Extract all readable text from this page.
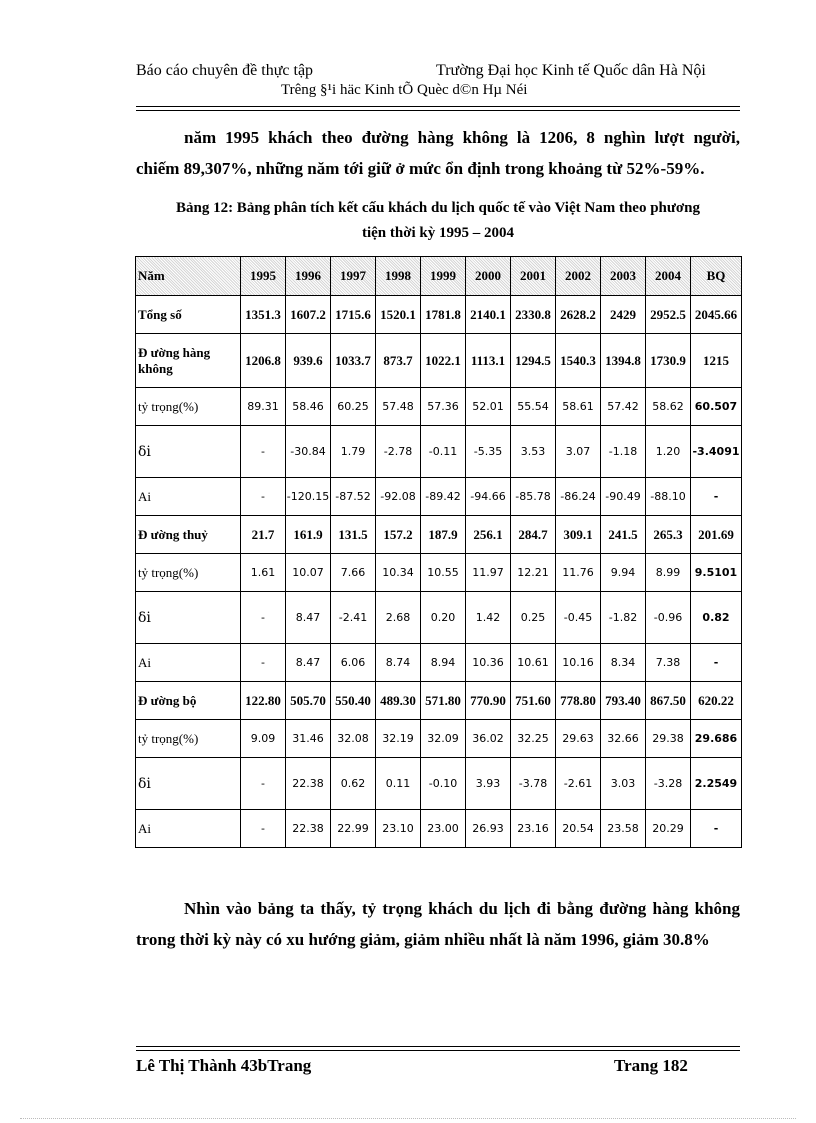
Báo cáo chuyên đề thực tập	Trường Đại học Kinh tế Quốc dân Hà Nội
Trêng §¹i häc Kinh tÕ Quèc d©n Hµ Néi
năm 1995 khách theo đường hàng không là 1206, 8 nghìn lượt người,
chiếm 89,307%, những năm tới giữ ở mức ổn định trong khoảng từ 52%-59%.
Bảng 12: Bảng phân tích kết cấu khách du lịch quốc tế vào Việt Nam theo phương
tiện thời kỳ 1995 – 2004
Năm	1995	1996	1997	1998	1999	2000	2001	2002	2003	2004	BQ
Tổng số	1351.3	1607.2	1715.6	1520.1	1781.8	2140.1	2330.8	2628.2	2429	2952.5	2045.66
Đ ường hàng không	1206.8	939.6	1033.7	873.7	1022.1	1113.1	1294.5	1540.3	1394.8	1730.9	1215
tỷ trọng(%)	89.31	58.46	60.25	57.48	57.36	52.01	55.54	58.61	57.42	58.62	60.507
δi	-	-30.84	1.79	-2.78	-0.11	-5.35	3.53	3.07	-1.18	1.20	-3.4091
Ai	-	-120.15	-87.52	-92.08	-89.42	-94.66	-85.78	-86.24	-90.49	-88.10	-
Đ ường thuỷ	21.7	161.9	131.5	157.2	187.9	256.1	284.7	309.1	241.5	265.3	201.69
tỷ trọng(%)	1.61	10.07	7.66	10.34	10.55	11.97	12.21	11.76	9.94	8.99	9.5101
δi	-	8.47	-2.41	2.68	0.20	1.42	0.25	-0.45	-1.82	-0.96	0.82
Ai	-	8.47	6.06	8.74	8.94	10.36	10.61	10.16	8.34	7.38	-
Đ ường bộ	122.80	505.70	550.40	489.30	571.80	770.90	751.60	778.80	793.40	867.50	620.22
tỷ trọng(%)	9.09	31.46	32.08	32.19	32.09	36.02	32.25	29.63	32.66	29.38	29.686
δi	-	22.38	0.62	0.11	-0.10	3.93	-3.78	-2.61	3.03	-3.28	2.2549
Ai	-	22.38	22.99	23.10	23.00	26.93	23.16	20.54	23.58	20.29	-
Nhìn vào bảng ta thấy, tỷ trọng khách du lịch đi bằng đường hàng không
trong thời kỳ này có xu hướng giảm, giảm nhiều nhất là năm 1996, giảm 30.8%
Lê Thị Thành 43bTrang	Trang 182
